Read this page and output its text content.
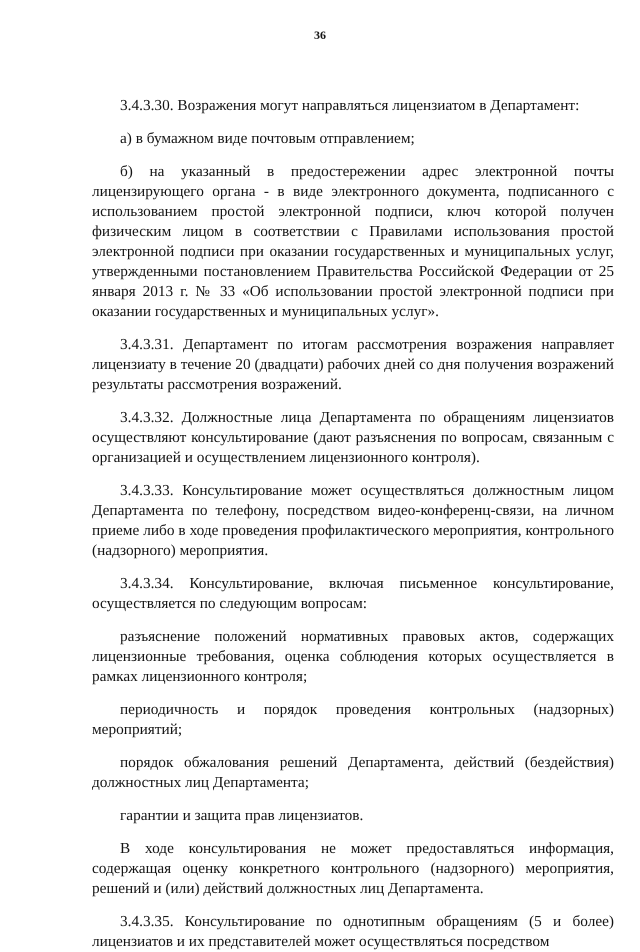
36

3.4.3.30. Возражения могут направляться лицензиатом в Департамент:

а) в бумажном виде почтовым отправлением;

б) на указанный в предостережении адрес электронной почты лицензирующего органа - в виде электронного документа, подписанного с использованием простой электронной подписи, ключ которой получен физическим лицом в соответствии с Правилами использования простой электронной подписи при оказании государственных и муниципальных услуг, утвержденными постановлением Правительства Российской Федерации от 25 января 2013 г. № 33 «Об использовании простой электронной подписи при оказании государственных и муниципальных услуг».

3.4.3.31. Департамент по итогам рассмотрения возражения направляет лицензиату в течение 20 (двадцати) рабочих дней со дня получения возражений результаты рассмотрения возражений.

3.4.3.32. Должностные лица Департамента по обращениям лицензиатов осуществляют консультирование (дают разъяснения по вопросам, связанным с организацией и осуществлением лицензионного контроля).

3.4.3.33. Консультирование может осуществляться должностным лицом Департамента по телефону, посредством видео-конференц-связи, на личном приеме либо в ходе проведения профилактического мероприятия, контрольного (надзорного) мероприятия.

3.4.3.34. Консультирование, включая письменное консультирование, осуществляется по следующим вопросам:

разъяснение положений нормативных правовых актов, содержащих лицензионные требования, оценка соблюдения которых осуществляется в рамках лицензионного контроля;

периодичность и порядок проведения контрольных (надзорных) мероприятий;

порядок обжалования решений Департамента, действий (бездействия) должностных лиц Департамента;

гарантии и защита прав лицензиатов.

В ходе консультирования не может предоставляться информация, содержащая оценку конкретного контрольного (надзорного) мероприятия, решений и (или) действий должностных лиц Департамента.

3.4.3.35. Консультирование по однотипным обращениям (5 и более) лицензиатов и их представителей может осуществляться посредством
